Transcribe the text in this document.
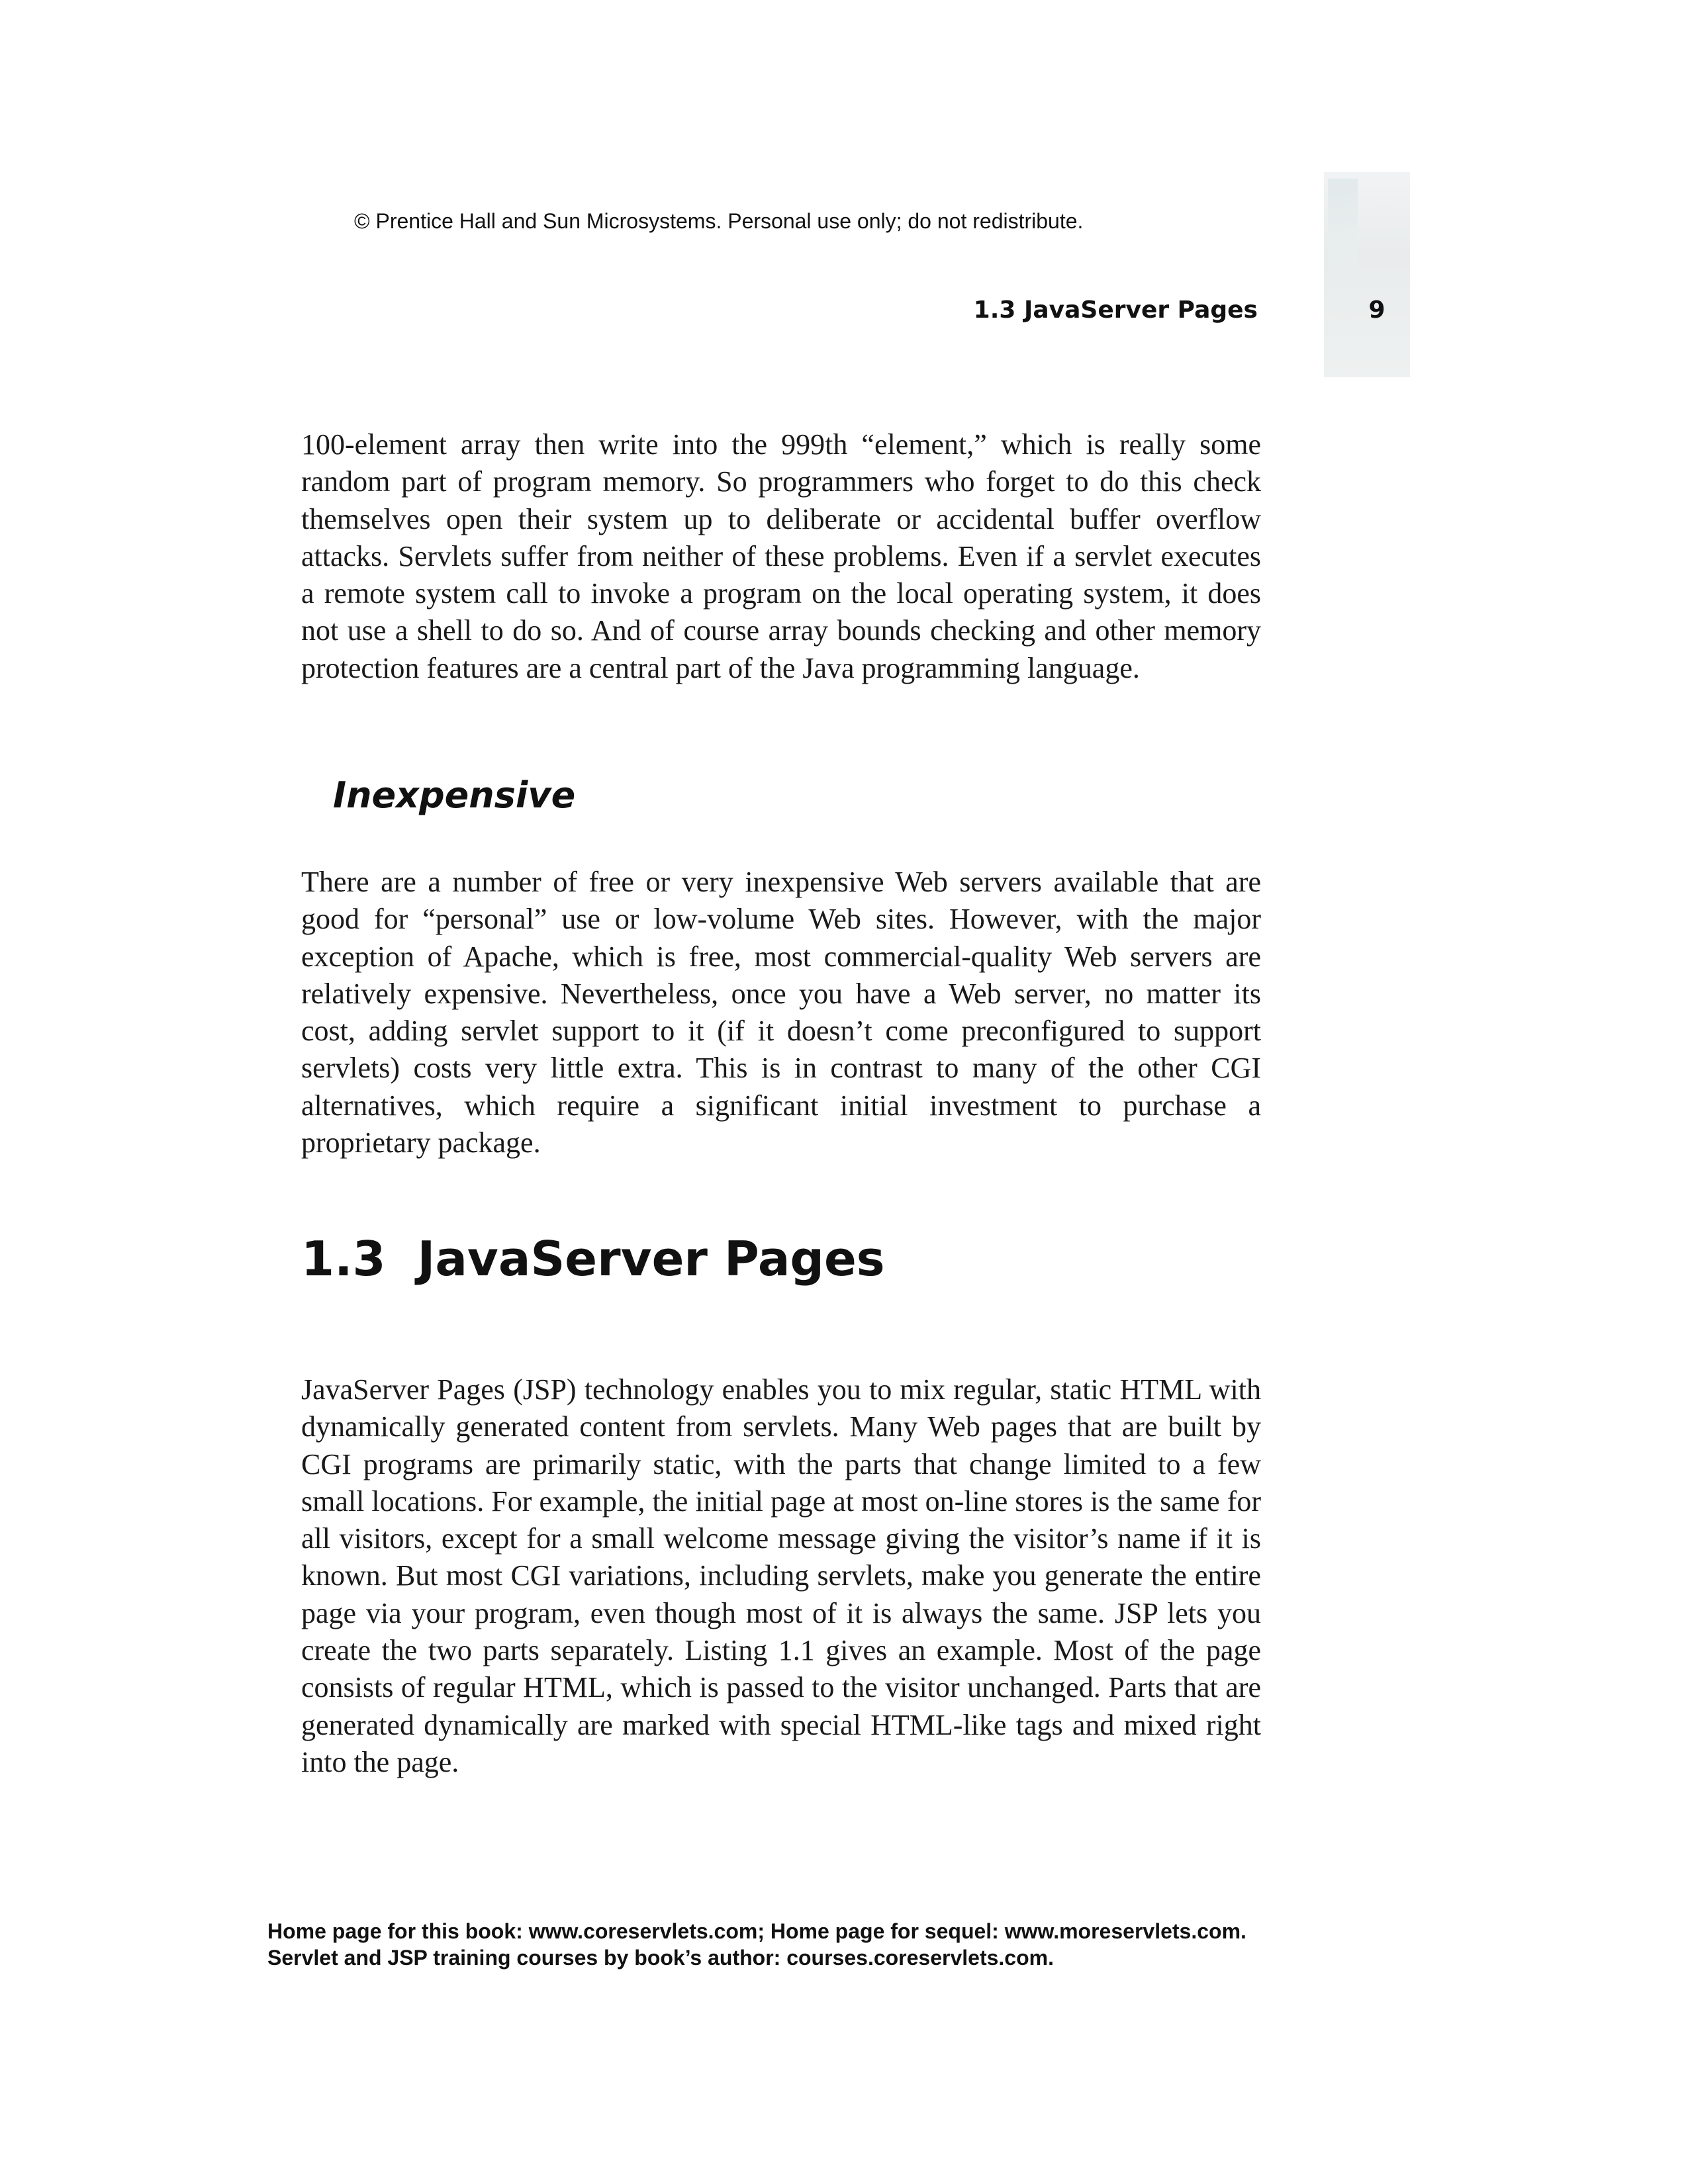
© Prentice Hall and Sun Microsystems. Personal use only; do not redistribute.
1.3 JavaServer Pages	9

100-element array then write into the 999th “element,” which is really some random part of program memory. So programmers who forget to do this check themselves open their system up to deliberate or accidental buffer overflow attacks. Servlets suffer from neither of these problems. Even if a servlet executes a remote system call to invoke a program on the local operating system, it does not use a shell to do so. And of course array bounds checking and other memory protection features are a central part of the Java programming language.

Inexpensive

There are a number of free or very inexpensive Web servers available that are good for “personal” use or low-volume Web sites. However, with the major exception of Apache, which is free, most commercial-quality Web servers are relatively expensive. Nevertheless, once you have a Web server, no matter its cost, adding servlet support to it (if it doesn’t come preconfigured to support servlets) costs very little extra. This is in contrast to many of the other CGI alternatives, which require a significant initial investment to purchase a proprietary package.

1.3 JavaServer Pages

JavaServer Pages (JSP) technology enables you to mix regular, static HTML with dynamically generated content from servlets. Many Web pages that are built by CGI programs are primarily static, with the parts that change limited to a few small locations. For example, the initial page at most on-line stores is the same for all visitors, except for a small welcome message giving the visitor’s name if it is known. But most CGI variations, including servlets, make you generate the entire page via your program, even though most of it is always the same. JSP lets you create the two parts separately. Listing 1.1 gives an example. Most of the page consists of regular HTML, which is passed to the visitor unchanged. Parts that are generated dynamically are marked with special HTML-like tags and mixed right into the page.

Home page for this book: www.coreservlets.com; Home page for sequel: www.moreservlets.com.
Servlet and JSP training courses by book’s author: courses.coreservlets.com.
